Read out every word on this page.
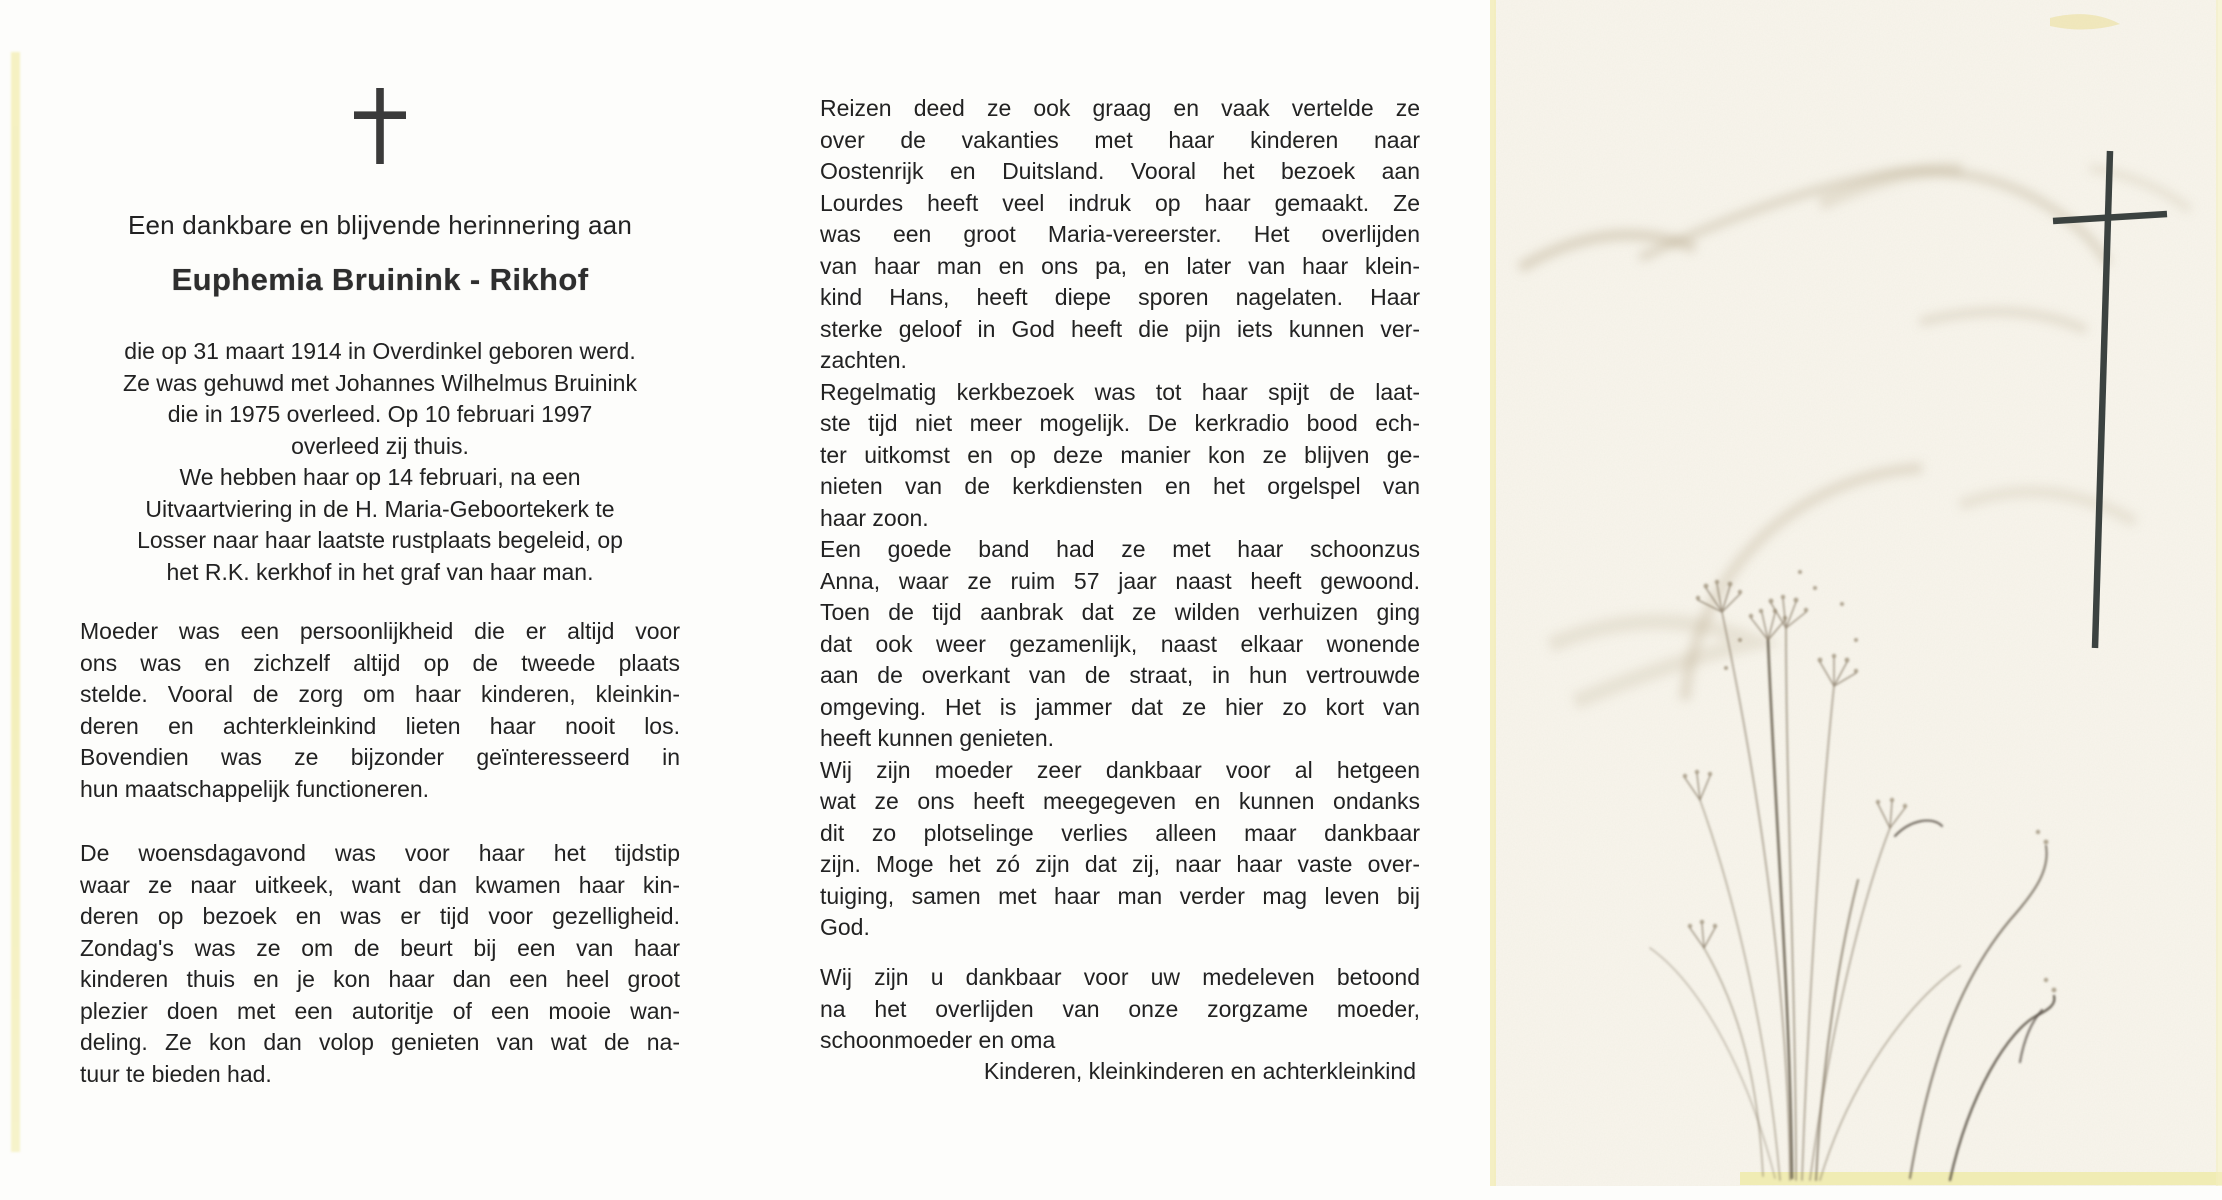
Een dankbare en blijvende herinnering aan
Euphemia Bruinink - Rikhof
die op 31 maart 1914 in Overdinkel geboren werd.
Ze was gehuwd met Johannes Wilhelmus Bruinink
die in 1975 overleed. Op 10 februari 1997
overleed zij thuis.
We hebben haar op 14 februari, na een
Uitvaartviering in de H. Maria-Geboortekerk te
Losser naar haar laatste rustplaats begeleid, op
het R.K. kerkhof in het graf van haar man.
Moeder was een persoonlijkheid die er altijd voor
ons was en zichzelf altijd op de tweede plaats
stelde. Vooral de zorg om haar kinderen, kleinkin-
deren en achterkleinkind lieten haar nooit los.
Bovendien was ze bijzonder geïnteresseerd in
hun maatschappelijk functioneren.
De woensdagavond was voor haar het tijdstip
waar ze naar uitkeek, want dan kwamen haar kin-
deren op bezoek en was er tijd voor gezelligheid.
Zondag's was ze om de beurt bij een van haar
kinderen thuis en je kon haar dan een heel groot
plezier doen met een autoritje of een mooie wan-
deling. Ze kon dan volop genieten van wat de na-
tuur te bieden had.
Reizen deed ze ook graag en vaak vertelde ze
over de vakanties met haar kinderen naar
Oostenrijk en Duitsland. Vooral het bezoek aan
Lourdes heeft veel indruk op haar gemaakt. Ze
was een groot Maria-vereerster. Het overlijden
van haar man en ons pa, en later van haar klein-
kind Hans, heeft diepe sporen nagelaten. Haar
sterke geloof in God heeft die pijn iets kunnen ver-
zachten.
Regelmatig kerkbezoek was tot haar spijt de laat-
ste tijd niet meer mogelijk. De kerkradio bood ech-
ter uitkomst en op deze manier kon ze blijven ge-
nieten van de kerkdiensten en het orgelspel van
haar zoon.
Een goede band had ze met haar schoonzus
Anna, waar ze ruim 57 jaar naast heeft gewoond.
Toen de tijd aanbrak dat ze wilden verhuizen ging
dat ook weer gezamenlijk, naast elkaar wonende
aan de overkant van de straat, in hun vertrouwde
omgeving. Het is jammer dat ze hier zo kort van
heeft kunnen genieten.
Wij zijn moeder zeer dankbaar voor al hetgeen
wat ze ons heeft meegegeven en kunnen ondanks
dit zo plotselinge verlies alleen maar dankbaar
zijn. Moge het zó zijn dat zij, naar haar vaste over-
tuiging, samen met haar man verder mag leven bij
God.
Wij zijn u dankbaar voor uw medeleven betoond
na het overlijden van onze zorgzame moeder,
schoonmoeder en oma
Kinderen, kleinkinderen en achterkleinkind
